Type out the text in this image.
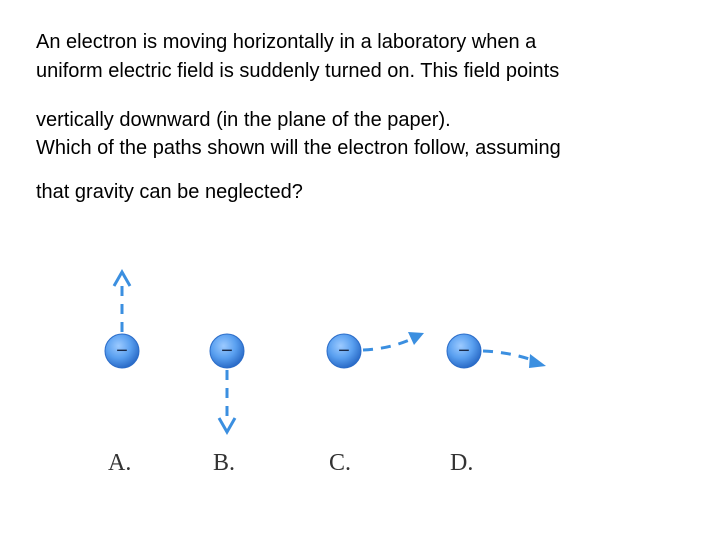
An electron is moving horizontally in a laboratory when a

uniform electric field is suddenly turned on. This field points

vertically downward (in the plane of the paper).

Which of the paths shown will the electron follow, assuming

that gravity can be neglected?

−
A.
−
B.
−
C.
−
D.
